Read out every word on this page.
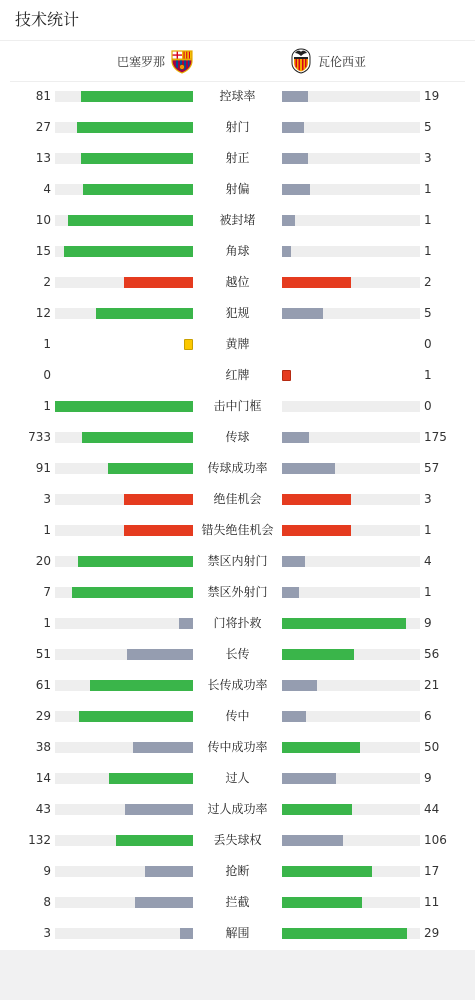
技术统计
巴塞罗那	瓦伦西亚
81	控球率	19
27	射门	5
13	射正	3
4	射偏	1
10	被封堵	1
15	角球	1
2	越位	2
12	犯规	5
1	黄牌	0
0	红牌	1
1	击中门框	0
733	传球	175
91	传球成功率	57
3	绝佳机会	3
1	错失绝佳机会	1
20	禁区内射门	4
7	禁区外射门	1
1	门将扑救	9
51	长传	56
61	长传成功率	21
29	传中	6
38	传中成功率	50
14	过人	9
43	过人成功率	44
132	丢失球权	106
9	抢断	17
8	拦截	11
3	解围	29
